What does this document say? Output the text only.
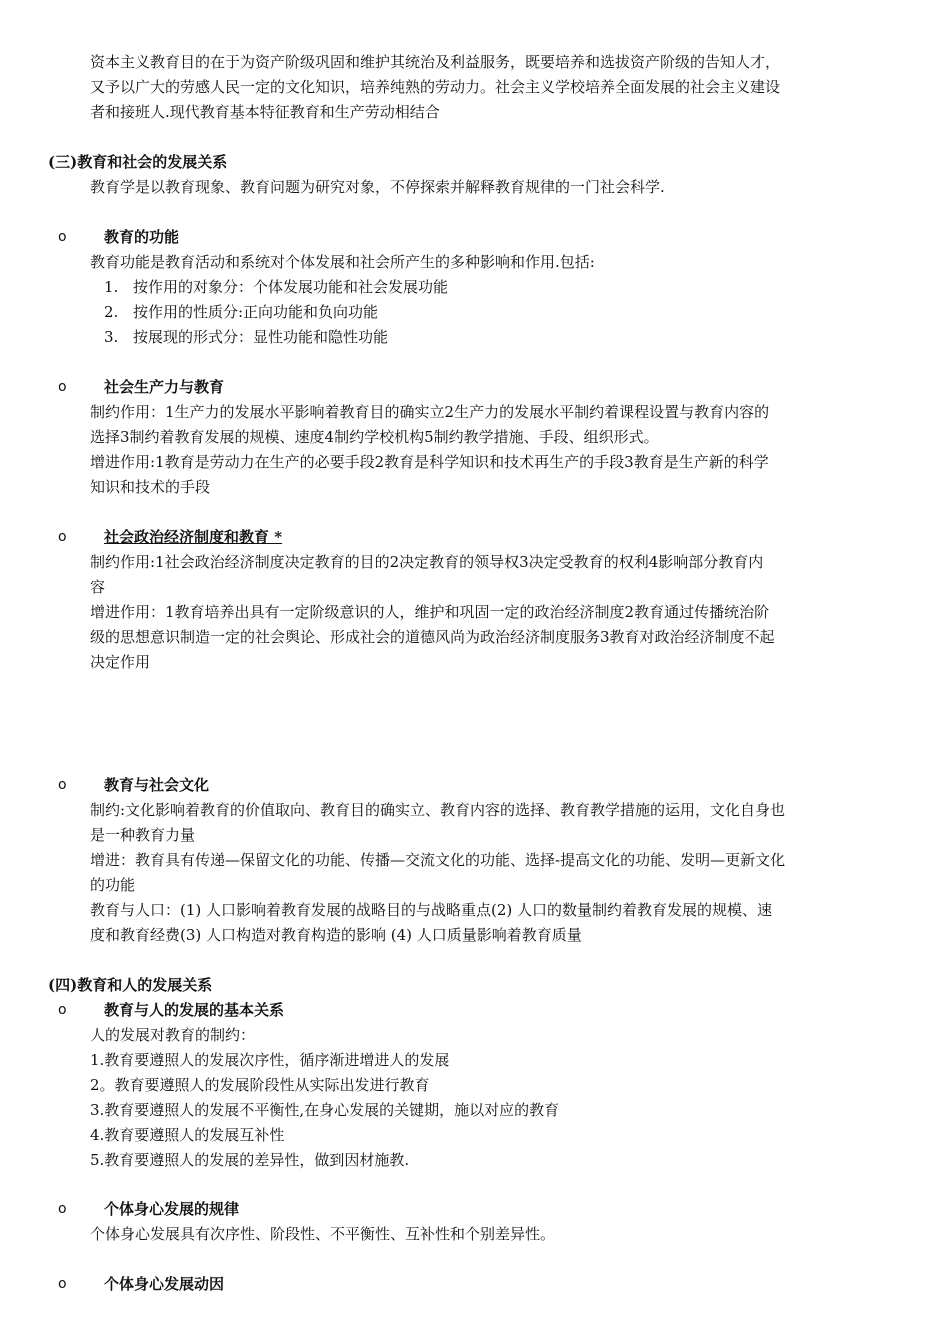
资本主义教育目的在于为资产阶级巩固和维护其统治及利益服务，既要培养和选拔资产阶级的告知人才，
又予以广大的劳感人民一定的文化知识，培养纯熟的劳动力。社会主义学校培养全面发展的社会主义建设
者和接班人.现代教育基本特征教育和生产劳动相结合
(三)教育和社会的发展关系
教育学是以教育现象、教育问题为研究对象，不停探索并解释教育规律的一门社会科学.
o 教育的功能
教育功能是教育活动和系统对个体发展和社会所产生的多种影响和作用.包括:
1. 按作用的对象分：个体发展功能和社会发展功能
2. 按作用的性质分:正向功能和负向功能
3. 按展现的形式分：显性功能和隐性功能
o 社会生产力与教育
制约作用：1生产力的发展水平影响着教育目的确实立2生产力的发展水平制约着课程设置与教育内容的
选择3制约着教育发展的规模、速度4制约学校机构5制约教学措施、手段、组织形式。
增进作用:1教育是劳动力在生产的必要手段2教育是科学知识和技术再生产的手段3教育是生产新的科学
知识和技术的手段
o 社会政治经济制度和教育 *
制约作用:1社会政治经济制度决定教育的目的2决定教育的领导权3决定受教育的权利4影响部分教育内
容
增进作用：1教育培养出具有一定阶级意识的人，维护和巩固一定的政治经济制度2教育通过传播统治阶
级的思想意识制造一定的社会舆论、形成社会的道德风尚为政治经济制度服务3教育对政治经济制度不起
决定作用
o 教育与社会文化
制约:文化影响着教育的价值取向、教育目的确实立、教育内容的选择、教育教学措施的运用，文化自身也
是一种教育力量
增进：教育具有传递—保留文化的功能、传播—交流文化的功能、选择-提高文化的功能、发明—更新文化
的功能
教育与人口：(1) 人口影响着教育发展的战略目的与战略重点(2) 人口的数量制约着教育发展的规模、速
度和教育经费(3) 人口构造对教育构造的影响 (4) 人口质量影响着教育质量
(四)教育和人的发展关系
o 教育与人的发展的基本关系
人的发展对教育的制约：
1.教育要遵照人的发展次序性，循序渐进增进人的发展
2。教育要遵照人的发展阶段性从实际出发进行教育
3.教育要遵照人的发展不平衡性,在身心发展的关键期，施以对应的教育
4.教育要遵照人的发展互补性
5.教育要遵照人的发展的差异性，做到因材施教.
o 个体身心发展的规律
个体身心发展具有次序性、阶段性、不平衡性、互补性和个别差异性。
o 个体身心发展动因
